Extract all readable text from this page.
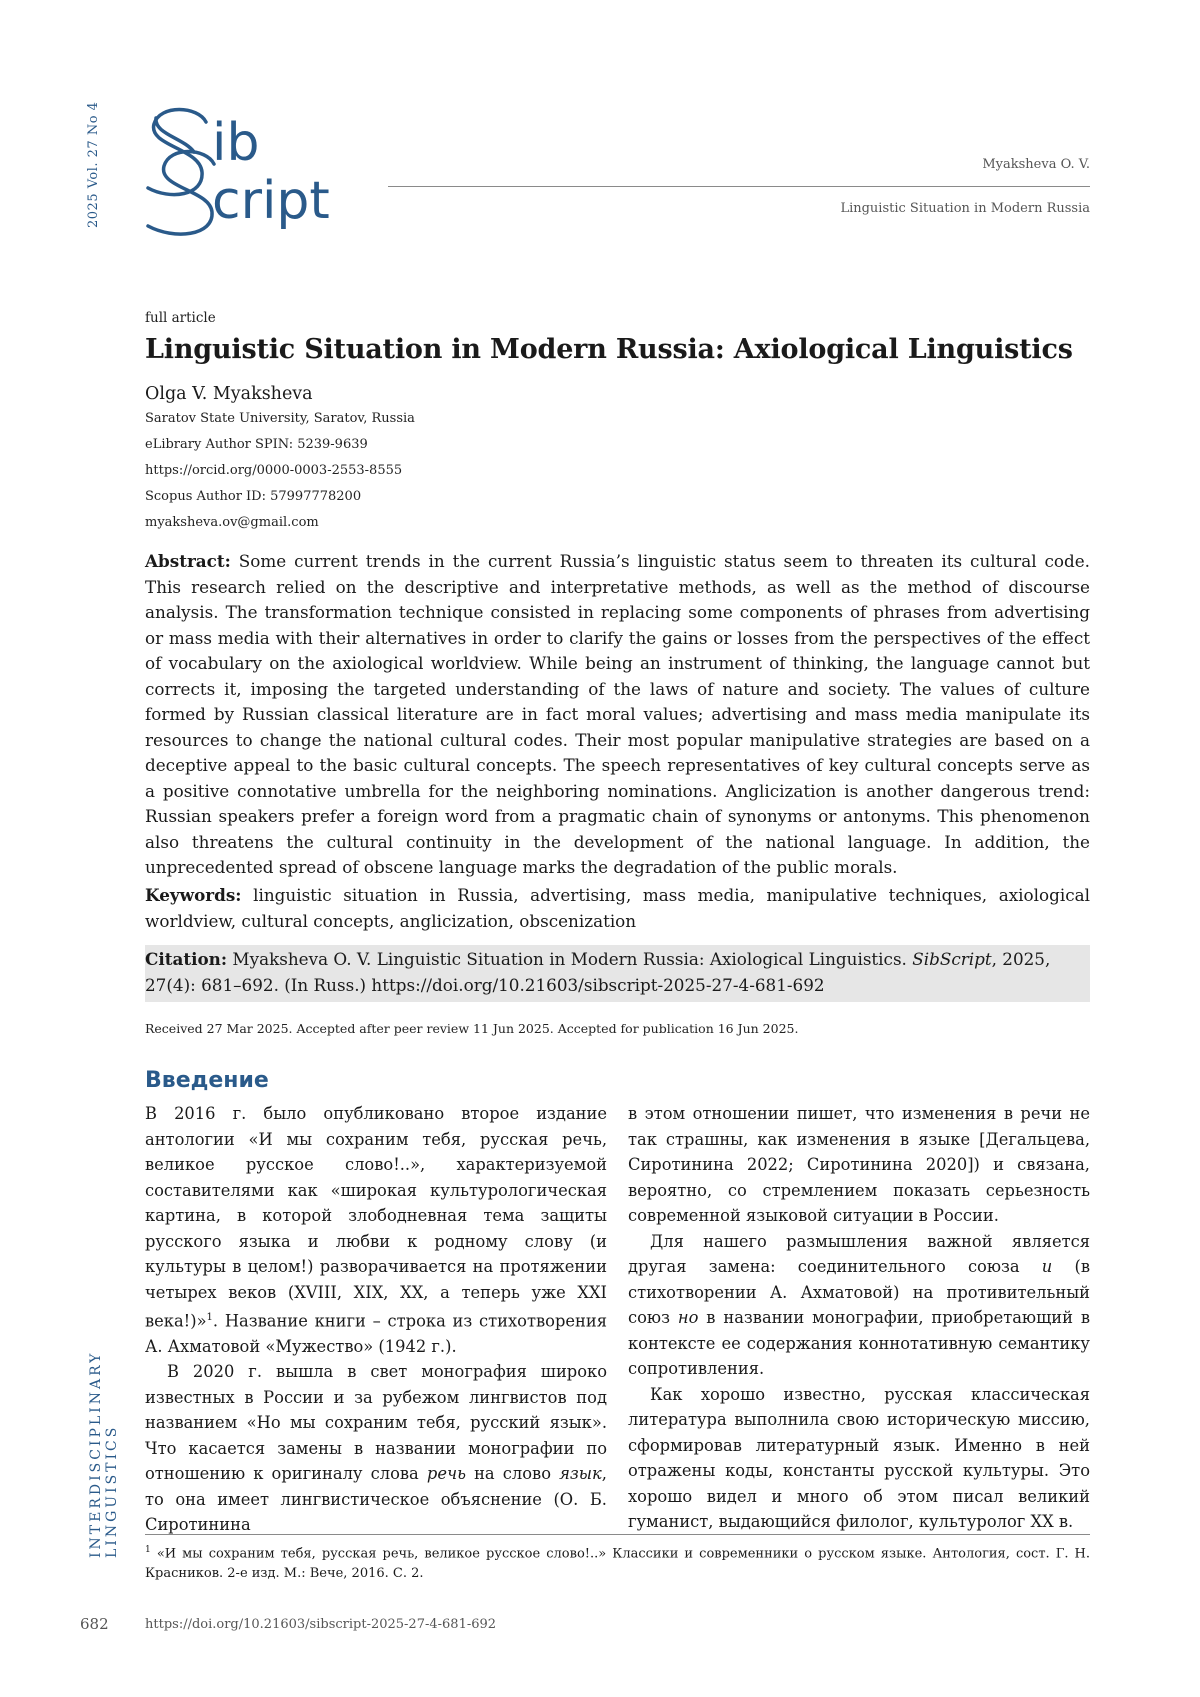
2025 Vol. 27 No 4
INTERDISCIPLINARY LINGUISTICS
ib
cript
Myaksheva O. V.
Linguistic Situation in Modern Russia
full article
Linguistic Situation in Modern Russia: Axiological Linguistics
Olga V. Myaksheva
Saratov State University, Saratov, Russia
eLibrary Author SPIN: 5239-9639
https://orcid.org/0000-0003-2553-8555
Scopus Author ID: 57997778200
myaksheva.ov@gmail.com
Abstract: Some current trends in the current Russia’s linguistic status seem to threaten its cultural code. This research relied on the descriptive and interpretative methods, as well as the method of discourse analysis. The transformation technique consisted in replacing some components of phrases from advertising or mass media with their alternatives in order to clarify the gains or losses from the perspectives of the effect of vocabulary on the axiological worldview. While being an instrument of thinking, the language cannot but corrects it, imposing the targeted understanding of the laws of nature and society. The values of culture formed by Russian classical literature are in fact moral values; advertising and mass media manipulate its resources to change the national cultural codes. Their most popular manipulative strategies are based on a deceptive appeal to the basic cultural concepts. The speech representatives of key cultural concepts serve as a positive connotative umbrella for the neighboring nominations. Anglicization is another dangerous trend: Russian speakers prefer a foreign word from a pragmatic chain of synonyms or antonyms. This phenomenon also threatens the cultural continuity in the development of the national language. In addition, the unprecedented spread of obscene language marks the degradation of the public morals.
Keywords: linguistic situation in Russia, advertising, mass media, manipulative techniques, axiological worldview, cultural concepts, anglicization, obscenization
Citation: Myaksheva O. V. Linguistic Situation in Modern Russia: Axiological Linguistics. SibScript, 2025, 27(4): 681–692. (In Russ.) https://doi.org/10.21603/sibscript-2025-27-4-681-692
Received 27 Mar 2025. Accepted after peer review 11 Jun 2025. Accepted for publication 16 Jun 2025.
Введение

В 2016 г. было опубликовано второе издание антологии «И мы сохраним тебя, русская речь, великое русское слово!..», характеризуемой составителями как «широкая культурологическая картина, в которой злободневная тема защиты русского языка и любви к родному слову (и культуры в целом!) разворачивается на протяжении четырех веков (XVIII, XIX, XX, а теперь уже XXI века!)»1. Название книги – строка из стихотворения А. Ахматовой «Мужество» (1942 г.).

В 2020 г. вышла в свет монография широко известных в России и за рубежом лингвистов под названием «Но мы сохраним тебя, русский язык». Что касается замены в названии монографии по отношению к оригиналу слова речь на слово язык, то она имеет лингвистическое объяснение (О. Б. Сиротинина

в этом отношении пишет, что изменения в речи не так страшны, как изменения в языке [Дегальцева, Сиротинина 2022; Сиротинина 2020]) и связана, вероятно, со стремлением показать серьезность современной языковой ситуации в России.

Для нашего размышления важной является другая замена: соединительного союза и (в стихотворении А. Ахматовой) на противительный союз но в названии монографии, приобретающий в контексте ее содержания коннотативную семантику сопротивления.

Как хорошо известно, русская классическая литература выполнила свою историческую миссию, сформировав литературный язык. Именно в ней отражены коды, константы русской культуры. Это хорошо видел и много об этом писал великий гуманист, выдающийся филолог, культуролог XX в.

1 «И мы сохраним тебя, русская речь, великое русское слово!..» Классики и современники о русском языке. Антология, сост. Г. Н. Красников. 2-е изд. М.: Вече, 2016. С. 2.
682	https://doi.org/10.21603/sibscript-2025-27-4-681-692
